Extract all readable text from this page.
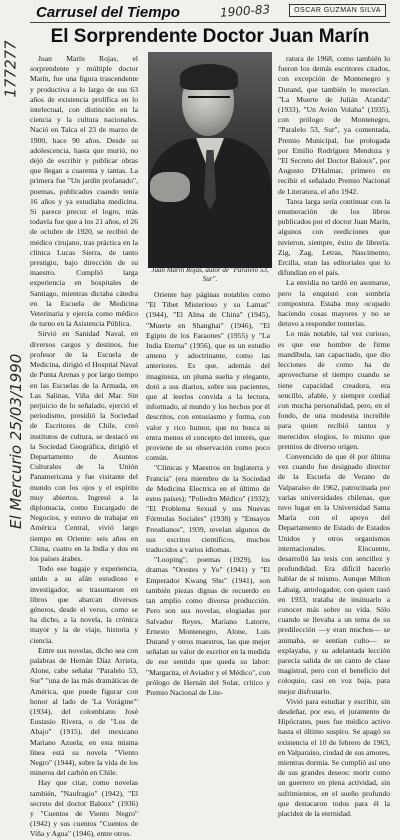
177277
El Mercurio 25/03/1990
Carrusel del Tiempo	1900-83	OSCAR GUZMAN SILVA
El Sorprendente Doctor Juan Marín

Juan Marín Rojas, el sorprendente y múltiple doctor Marín, fue una figura trascendente y productiva a lo largo de sus 63 años de existencia prolífica en lo intelectual, con distinción en la ciencia y la cultura nacionales. Nació en Talca el 23 de marzo de 1900, hace 90 años. Desde su adolescencia, hasta que murió, no dejó de escribir y publicar obras que llegan a cuarenta y tantas. La primera fue "Un jardín profanado", poemas, publicados cuando tenía 16 años y ya estudiaba medicina. Si parece precoz el logro, más todavía fue que a los 21 años, el 26 de octubre de 1920, se recibió de médico cirujano, tras práctica en la clínica Lucas Sierra, de tanto prestigio, bajo dirección de su maestro. Cumplió larga experiencia en hospitales de Santiago, mientras dictaba cátedra en la Escuela de Medicina Veterinaria y ejercía como médico de turno en la Asistencia Pública.

Sirvió en Sanidad Naval, en diversos cargos y destinos, fue profesor de la Escuela de Medicina, dirigió el Hospital Naval de Punta Arenas y por largo tiempo en las Escuelas de la Armada, en Las Salinas, Viña del Mar. Sin perjuicio de lo señalado, ejerció el periodismo, presidió la Sociedad de Escritores de Chile, creó institutos de cultura, se destacó en la Sociedad Geográfica, dirigió el Departamento de Asuntos Culturales de la Unión Panamericana y fue visitante del mundo con los ojos y el espíritu muy abiertos. Ingresó a la diplomacia, como Encargado de Negocios, y estuvo de trabajar en América Central, vivió largo tiempo en Oriente: seis años en China, cuatro en la India y dos en los países árabes.

Todo ese bagaje y experiencia, unido a su afán estudioso e investigador, se trasuntaron en libros que abarcan diversos géneros, desde el verso, como se ha dicho, a la novela, la crónica mayor y la de viaje, historia y ciencia.

Entre sus novelas, dicho sea con palabras de Hernán Díaz Arrieta, Alone, cabe señalar "Paralelo 53, Sur" "una de las más dramáticas de América, que puede figurar con honor al lado de 'La Vorágine'" (1934), del colombiano José Eustasio Rivera, o de "Los de Abajo" (1915), del mexicano Mariano Azuela; en esta misma línea está su novela "Viento Negro" (1944), sobre la vida de los mineros del carbón en Chile.

Hay que citar, como novelas también, "Naufragio" (1942), "El secreto del doctor Baloux" (1936) y "Cuentos de Viento Negro" (1942) y sus cuentos "Cuentos de Viña y Agua" (1946), entre otros.

Juan Marín Rojas, autor de "Paralelo 53, Sur".

Oriente hay páginas notables como "El Tíbet Misterioso y su Lamas" (1944), "El Alma de China" (1945), "Muerte en Shanghai" (1946), "El Egipto de los Faraones" (1955) y "La India Eterna" (1956), que es un estudio ameno y adoctrinante, como las anteriores. Es que, además del imaginista, un pluma suelta y elegante, dotó a sus diarios, sobre sus pacientes, que al leerlos convida a la lectura, informado, al mundo y los hechos por él descritos, con entusiasmo y forma, con valor y rico humor, que no busca ni entra menos el concepto del interés, que proviene de su observación como poco común.

"Clínicas y Maestros en Inglaterra y Francia" (era miembro de la Sociedad de Medicina Electrica en el último de estos países); "Poliedro Médico" (1932); "El Problema Sexual y sus Nuevas Fórmulas Sociales" (1938) y "Ensayos Freudianos", 1939, revelan algunos de sus escritos científicos, muchos traducidos a varios idiomas.

"Looping", poemas (1929), los dramas "Orestes y Yo" (1941) y "El Emperador Kwang Shu" (1941), son también piezas dignas de recuerdo en tan amplio como diversa producción. Pero son sus novelas, elogiadas por Salvador Reyes, Mariano Latorre, Ernesto Montenegro, Alone, Luis Durand y otros maestros, las que mejor señalan su valor de escritor en la medida de ese sentido que queda su labor: "Margarita, el Aviador y el Médico", con prólogo de Hernán del Solar, crítico y Premio Nacional de Lite-

ratura de 1968, como también lo fueron los demás escritores citados, con excepción de Montenegro y Durand, que también lo merecían. "La Muerte de Julián Aranda" (1933), "Un Avión Volaba" (1935), con prólogo de Montenegro, "Paralelo 53, Sur", ya comentada, Premio Municipal, fue prologada por Emilio Rodríguez Mendoza y "El Secreto del Doctor Baloux", por Augusto D'Halmar, primero en recibir el señalado Premio Nacional de Literatura, el año 1942.

Tarea larga sería continuar con la enumeración de los libros publicados por el doctor Juan Marín, algunos con reediciones que tuvieron, siempre, éxito de librería. Zig, Zag, Letras, Nascimento, Ercilla, eran las editoriales que lo difundían en el país.

La envidia no tardó en asomarse, pero la enquistó con sombría compostura. Estaba muy ocupado haciendo cosas mayores y no se detuvo a responder tonterías.

Lo más notable, tal vez curioso, es que ese hombre de firme mandíbula, tan capacitado, que dio lecciones de como ha de aprovecharse el tiempo cuando se tiene capacidad creadora, era sencillo, afable, y siempre cordial con mucha personalidad, pero, en el fondo, de una modestia increíble para quien recibió tantos y merecidos elogios, lo mismo que premios de diverso origen.

Convencido de que él por última vez cuando fue designado director de la Escuela de Verano de Valparaíso de 1962, patrocinada por varias universidades chilenas, que tuvo lugar en la Universidad Santa María con el apoyo del Departamento de Estado de Estados Unidos y otros organismos internacionales. Elocuente, desarrolló las tesis con sencillez y profundidad. Era difícil hacerlo hablar de sí mismo. Aunque Milton Labaig, antologador, con quien casó en 1933, trataba de insinuarlo a conocer más sobre su vida. Sólo cuando se llevaba a un tema de su predilección —y eran muchos— se animaba, se sentían culto— se explayaba, y su adelantada lección parecía salida de un canto de clase magistral, pero con el beneficio del coloquio, casi en voz baja, para mejor disfrutarlo.

Vivió para estudiar y escribir, sin desdeñar, por eso, el juramento de Hipócrates, pues fue médico activo hasta el último suspiro. Se apagó su existencia el 10 de febrero de 1963, en Valparaíso, ciudad de sus amores, mientras dormía. Se cumplió así uno de sus grandes deseos: morir como un guerrero en plena actividad, sin sufrimientos, en el sueño profundo que destacaron todos para él la placidez de la eternidad.
